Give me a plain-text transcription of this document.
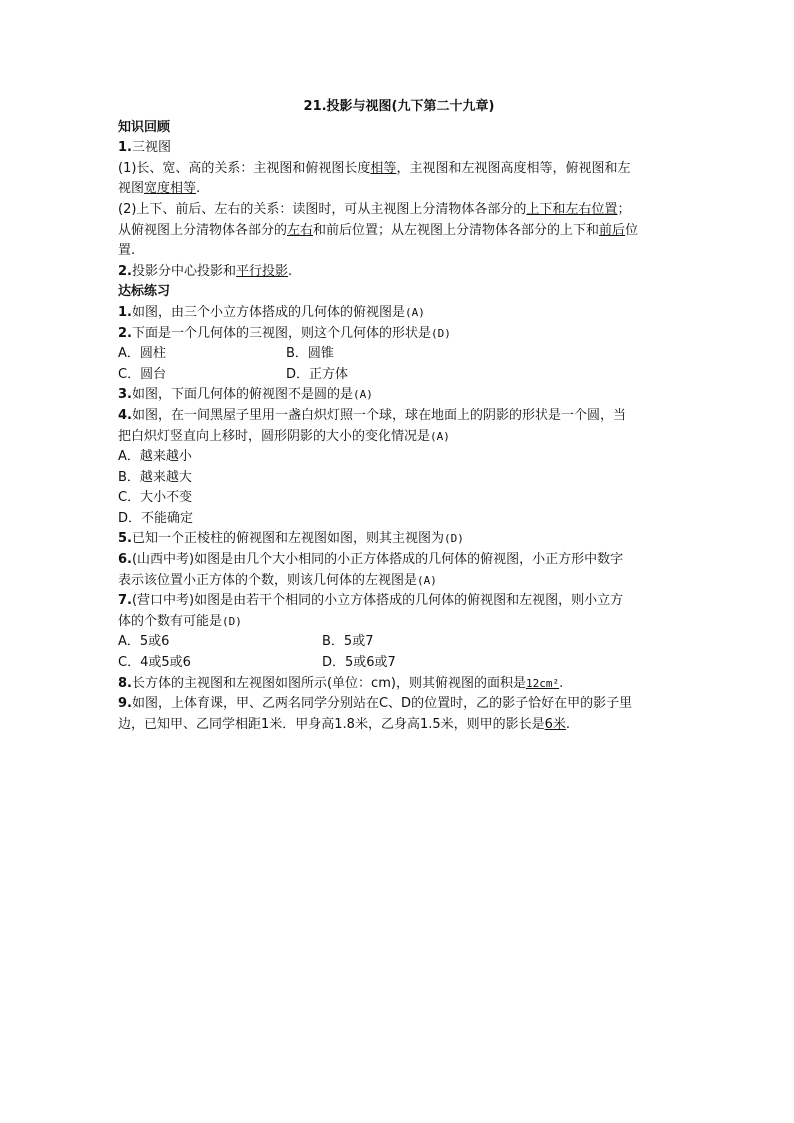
21.投影与视图(九下第二十九章)

知识回顾

1.三视图

(1)长、宽、高的关系：主视图和俯视图长度相等，主视图和左视图高度相等，俯视图和左

视图宽度相等.

(2)上下、前后、左右的关系：读图时，可从主视图上分清物体各部分的上下和左右位置；

从俯视图上分清物体各部分的左右和前后位置；从左视图上分清物体各部分的上下和前后位

置.

2.投影分中心投影和平行投影.

达标练习

1.如图，由三个小立方体搭成的几何体的俯视图是(A)

2.下面是一个几何体的三视图，则这个几何体的形状是(D)

A．圆柱	B．圆锥

C．圆台	D．正方体

3.如图，下面几何体的俯视图不是圆的是(A)

4.如图，在一间黑屋子里用一盏白炽灯照一个球，球在地面上的阴影的形状是一个圆，当

把白炽灯竖直向上移时，圆形阴影的大小的变化情况是(A)

A．越来越小

B．越来越大

C．大小不变

D．不能确定

5.已知一个正棱柱的俯视图和左视图如图，则其主视图为(D)

6.(山西中考)如图是由几个大小相同的小正方体搭成的几何体的俯视图，小正方形中数字

表示该位置小正方体的个数，则该几何体的左视图是(A)

7.(营口中考)如图是由若干个相同的小立方体搭成的几何体的俯视图和左视图，则小立方

体的个数有可能是(D)

A．5或6	B．5或7

C．4或5或6	D．5或6或7

8.长方体的主视图和左视图如图所示(单位：cm)，则其俯视图的面积是12cm².

9.如图，上体育课，甲、乙两名同学分别站在C、D的位置时，乙的影子恰好在甲的影子里

边，已知甲、乙同学相距1米．甲身高1.8米，乙身高1.5米，则甲的影长是6米.
